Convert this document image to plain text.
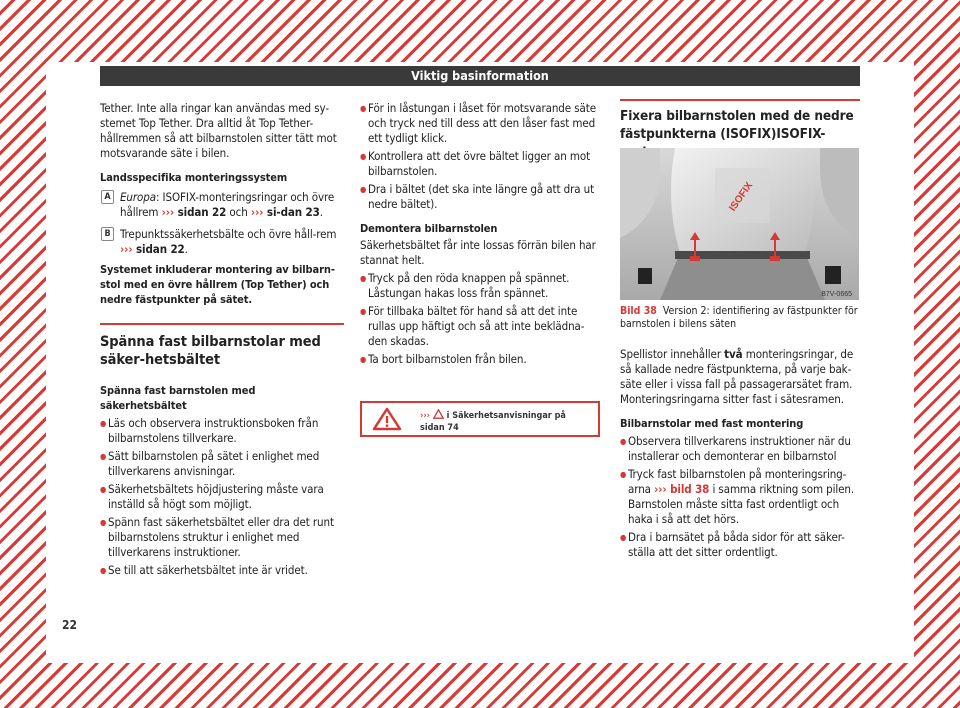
Viktig basinformation

Tether. Inte alla ringar kan användas med sy-stemet Top Tether. Dra alltid åt Top Tether-hållremmen så att bilbarnstolen sitter tätt mot motsvarande säte i bilen.

Landsspecifika monteringssystem

A Europa: ISOFIX-monteringsringar och övre hållrem ››› sidan 22 och ››› si-dan 23.

B Trepunktssäkerhetsbälte och övre håll-rem ››› sidan 22.

Systemet inkluderar montering av bilbarn-stol med en övre hållrem (Top Tether) och nedre fästpunkter på sätet.

Spänna fast bilbarnstolar med säker-hetsbältet

Spänna fast barnstolen med säkerhetsbältet

● Läs och observera instruktionsboken från bilbarnstolens tillverkare.

● Sätt bilbarnstolen på sätet i enlighet med tillverkarens anvisningar.

● Säkerhetsbältets höjdjustering måste vara inställd så högt som möjligt.

● Spänn fast säkerhetsbältet eller dra det runt bilbarnstolens struktur i enlighet med tillverkarens instruktioner.

● Se till att säkerhetsbältet inte är vridet.

● För in låstungan i låset för motsvarande säte och tryck ned till dess att den låser fast med ett tydligt klick.

● Kontrollera att det övre bältet ligger an mot bilbarnstolen.

● Dra i bältet (det ska inte längre gå att dra ut nedre bältet).

Demontera bilbarnstolen

Säkerhetsbältet får inte lossas förrän bilen har stannat helt.

● Tryck på den röda knappen på spännet. Låstungan hakas loss från spännet.

● För tillbaka bältet för hand så att det inte rullas upp häftigt och så att inte beklädna-den skadas.

● Ta bort bilbarnstolen från bilen.

›››  i Säkerhetsanvisningar på sidan 74

Fixera bilbarnstolen med de nedre fästpunkterna (ISOFIX)ISOFIX-

ISOFIX
B7V-0665
Bild 38 Version 2: identifiering av fästpunkter för barnstolen i bilens säten

Spellistor innehåller två monteringsringar, de så kallade nedre fästpunkterna, på varje bak-säte eller i vissa fall på passagerarsätet fram. Monteringsringarna sitter fast i sätesramen.

Bilbarnstolar med fast montering

● Observera tillverkarens instruktioner när du installerar och demonterar en bilbarnstol

● Tryck fast bilbarnstolen på monteringsring-arna ››› bild 38 i samma riktning som pilen. Barnstolen måste sitta fast ordentligt och haka i så att det hörs.

● Dra i barnsätet på båda sidor för att säker-ställa att det sitter ordentligt.

22
